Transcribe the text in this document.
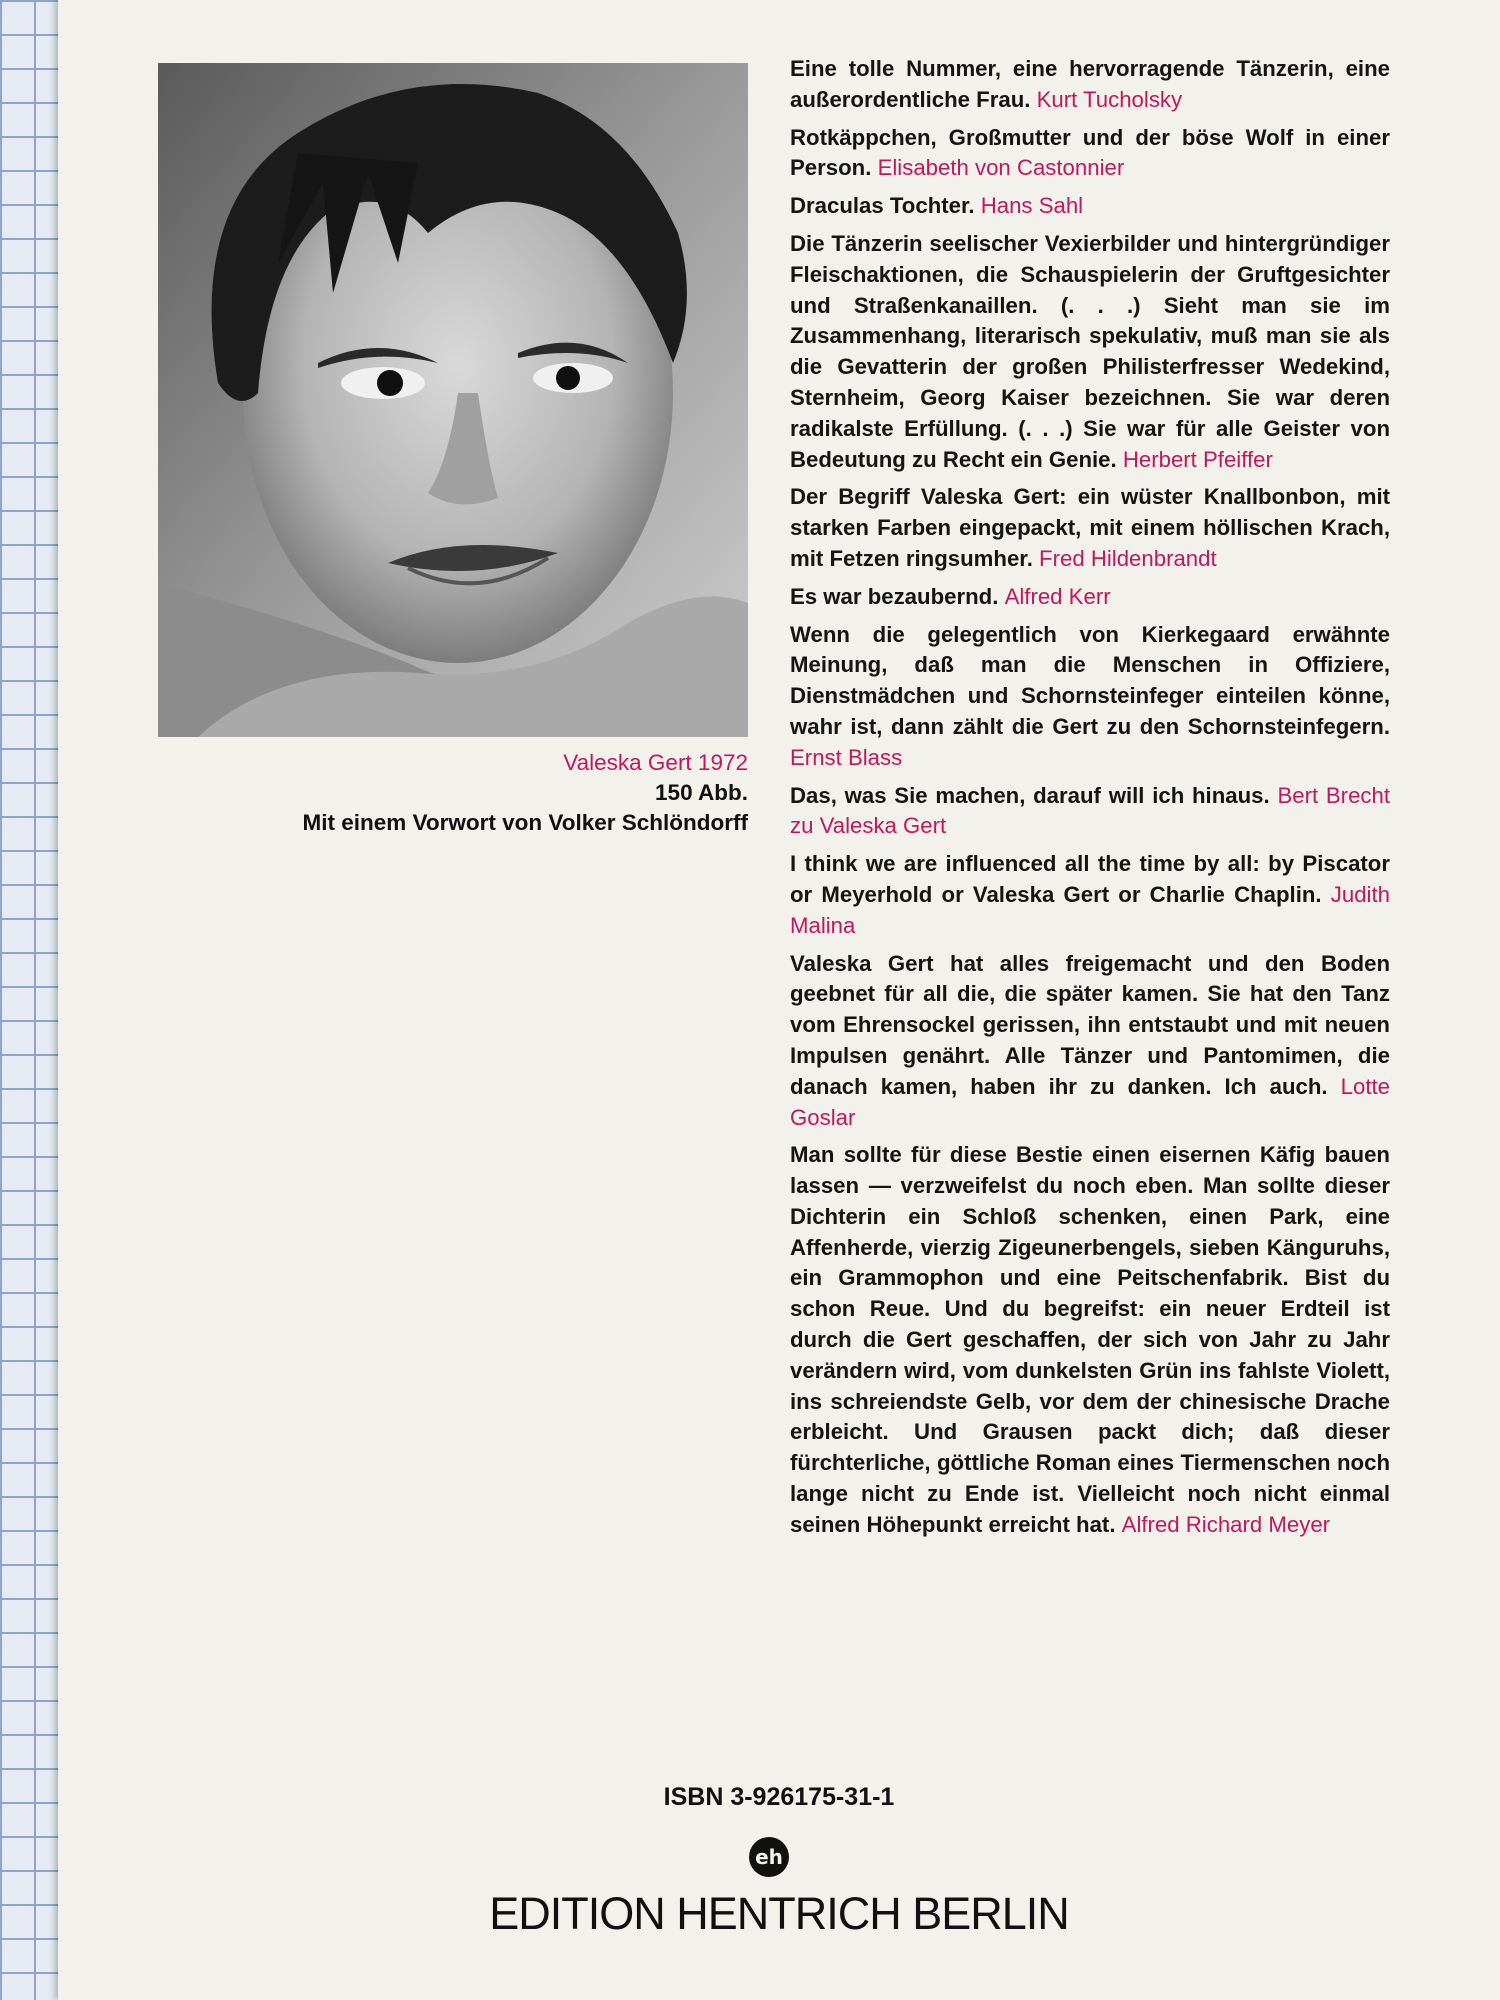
Valeska Gert 1972
150 Abb.
Mit einem Vorwort von Volker Schlöndorff

Eine tolle Nummer, eine hervorragende Tänzerin, eine außerordentliche Frau. Kurt Tucholsky

Rotkäppchen, Großmutter und der böse Wolf in einer Person. Elisabeth von Castonnier

Draculas Tochter. Hans Sahl

Die Tänzerin seelischer Vexierbilder und hintergründiger Fleischaktionen, die Schauspielerin der Gruftgesichter und Straßenkanaillen. (. . .) Sieht man sie im Zusammenhang, literarisch spekulativ, muß man sie als die Gevatterin der großen Philisterfresser Wedekind, Sternheim, Georg Kaiser bezeichnen. Sie war deren radikalste Erfüllung. (. . .) Sie war für alle Geister von Bedeutung zu Recht ein Genie. Herbert Pfeiffer

Der Begriff Valeska Gert: ein wüster Knallbonbon, mit starken Farben eingepackt, mit einem höllischen Krach, mit Fetzen ringsumher. Fred Hildenbrandt

Es war bezaubernd. Alfred Kerr

Wenn die gelegentlich von Kierkegaard erwähnte Meinung, daß man die Menschen in Offiziere, Dienstmädchen und Schornsteinfeger einteilen könne, wahr ist, dann zählt die Gert zu den Schornsteinfegern. Ernst Blass

Das, was Sie machen, darauf will ich hinaus. Bert Brecht zu Valeska Gert

I think we are influenced all the time by all: by Piscator or Meyerhold or Valeska Gert or Charlie Chaplin. Judith Malina

Valeska Gert hat alles freigemacht und den Boden geebnet für all die, die später kamen. Sie hat den Tanz vom Ehrensockel gerissen, ihn entstaubt und mit neuen Impulsen genährt. Alle Tänzer und Pantomimen, die danach kamen, haben ihr zu danken. Ich auch. Lotte Goslar

Man sollte für diese Bestie einen eisernen Käfig bauen lassen — verzweifelst du noch eben. Man sollte dieser Dichterin ein Schloß schenken, einen Park, eine Affenherde, vierzig Zigeunerbengels, sieben Känguruhs, ein Grammophon und eine Peitschenfabrik. Bist du schon Reue. Und du begreifst: ein neuer Erdteil ist durch die Gert geschaffen, der sich von Jahr zu Jahr verändern wird, vom dunkelsten Grün ins fahlste Violett, ins schreiendste Gelb, vor dem der chinesische Drache erbleicht. Und Grausen packt dich; daß dieser fürchterliche, göttliche Roman eines Tiermenschen noch lange nicht zu Ende ist. Vielleicht noch nicht einmal seinen Höhepunkt erreicht hat. Alfred Richard Meyer

ISBN 3-926175-31-1
eh
EDITION HENTRICH BERLIN
